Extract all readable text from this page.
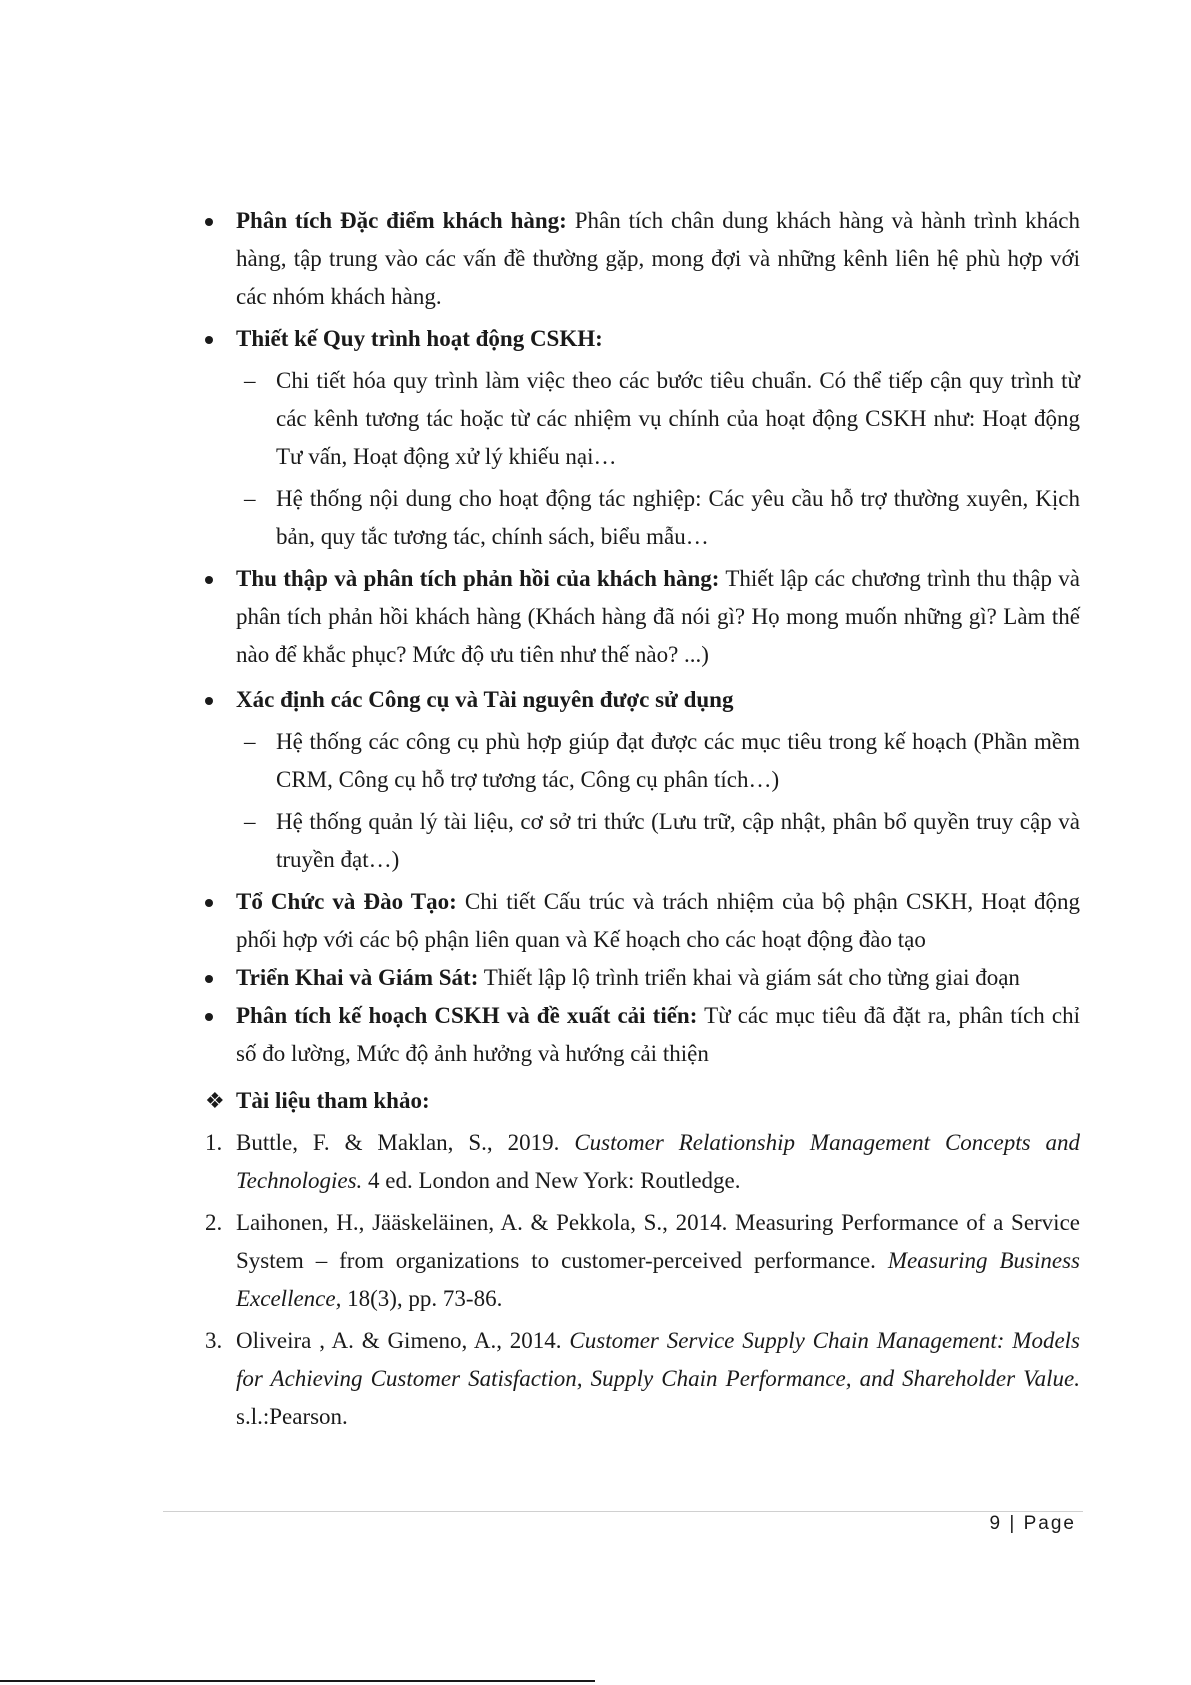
Phân tích Đặc điểm khách hàng: Phân tích chân dung khách hàng và hành trình khách hàng, tập trung vào các vấn đề thường gặp, mong đợi và những kênh liên hệ phù hợp với các nhóm khách hàng.
Thiết kế Quy trình hoạt động CSKH:
– Chi tiết hóa quy trình làm việc theo các bước tiêu chuẩn. Có thể tiếp cận quy trình từ các kênh tương tác hoặc từ các nhiệm vụ chính của hoạt động CSKH như: Hoạt động Tư vấn, Hoạt động xử lý khiếu nại…
– Hệ thống nội dung cho hoạt động tác nghiệp: Các yêu cầu hỗ trợ thường xuyên, Kịch bản, quy tắc tương tác, chính sách, biểu mẫu…
Thu thập và phân tích phản hồi của khách hàng: Thiết lập các chương trình thu thập và phân tích phản hồi khách hàng (Khách hàng đã nói gì? Họ mong muốn những gì? Làm thế nào để khắc phục? Mức độ ưu tiên như thế nào? ...)
Xác định các Công cụ và Tài nguyên được sử dụng
– Hệ thống các công cụ phù hợp giúp đạt được các mục tiêu trong kế hoạch (Phần mềm CRM, Công cụ hỗ trợ tương tác, Công cụ phân tích…)
– Hệ thống quản lý tài liệu, cơ sở tri thức (Lưu trữ, cập nhật, phân bổ quyền truy cập và truyền đạt…)
Tổ Chức và Đào Tạo: Chi tiết Cấu trúc và trách nhiệm của bộ phận CSKH, Hoạt động phối hợp với các bộ phận liên quan và Kế hoạch cho các hoạt động đào tạo
Triển Khai và Giám Sát: Thiết lập lộ trình triển khai và giám sát cho từng giai đoạn
Phân tích kế hoạch CSKH và đề xuất cải tiến: Từ các mục tiêu đã đặt ra, phân tích chỉ số đo lường, Mức độ ảnh hưởng và hướng cải thiện
❖ Tài liệu tham khảo:
1. Buttle, F. & Maklan, S., 2019. Customer Relationship Management Concepts and Technologies. 4 ed. London and New York: Routledge.
2. Laihonen, H., Jääskeläinen, A. & Pekkola, S., 2014. Measuring Performance of a Service System – from organizations to customer-perceived performance. Measuring Business Excellence, 18(3), pp. 73-86.
3. Oliveira , A. & Gimeno, A., 2014. Customer Service Supply Chain Management: Models for Achieving Customer Satisfaction, Supply Chain Performance, and Shareholder Value. s.l.:Pearson.
9 | Page
